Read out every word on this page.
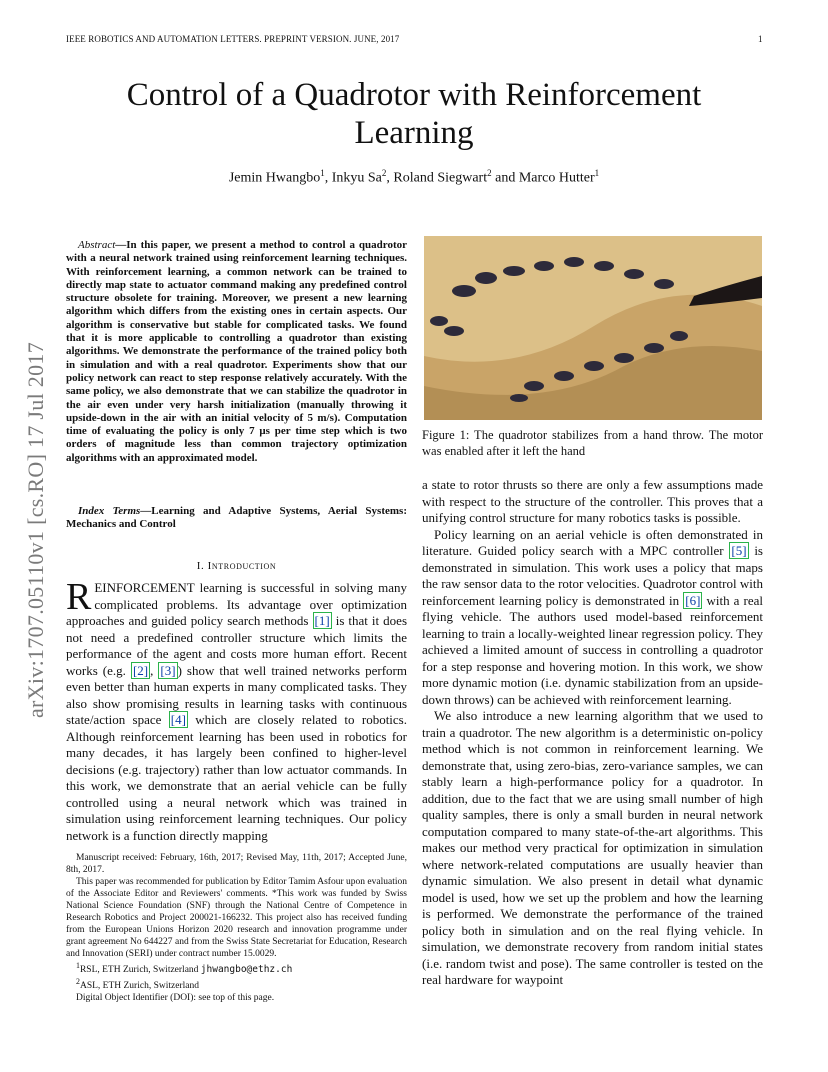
IEEE ROBOTICS AND AUTOMATION LETTERS. PREPRINT VERSION. JUNE, 2017	1
Control of a Quadrotor with Reinforcement Learning
Jemin Hwangbo$^1$, Inkyu Sa$^2$, Roland Siegwart$^2$ and Marco Hutter$^1$
arXiv:1707.05110v1 [cs.RO] 17 Jul 2017
Abstract—In this paper, we present a method to control a quadrotor with a neural network trained using reinforcement learning techniques. With reinforcement learning, a common network can be trained to directly map state to actuator command making any predefined control structure obsolete for training. Moreover, we present a new learning algorithm which differs from the existing ones in certain aspects. Our algorithm is conservative but stable for complicated tasks. We found that it is more applicable to controlling a quadrotor than existing algorithms. We demonstrate the performance of the trained policy both in simulation and with a real quadrotor. Experiments show that our policy network can react to step response relatively accurately. With the same policy, we also demonstrate that we can stabilize the quadrotor in the air even under very harsh initialization (manually throwing it upside-down in the air with an initial velocity of 5 m/s). Computation time of evaluating the policy is only 7 μs per time step which is two orders of magnitude less than common trajectory optimization algorithms with an approximated model.
Index Terms—Learning and Adaptive Systems, Aerial Systems: Mechanics and Control
I. Introduction
REINFORCEMENT learning is successful in solving many complicated problems. Its advantage over optimization approaches and guided policy search methods [1] is that it does not need a predefined controller structure which limits the performance of the agent and costs more human effort. Recent works (e.g. [2] , [3] ) show that well trained networks perform even better than human experts in many complicated tasks. They also show promising results in learning tasks with continuous state/action space [4] which are closely related to robotics. Although reinforcement learning has been used in robotics for many decades, it has largely been confined to higher-level decisions (e.g. trajectory) rather than low actuator commands. In this work, we demonstrate that an aerial vehicle can be fully controlled using a neural network which was trained in simulation using reinforcement learning techniques. Our policy network is a function directly mapping

Manuscript received: February, 16th, 2017; Revised May, 11th, 2017; Accepted June, 8th, 2017.

This paper was recommended for publication by Editor Tamim Asfour upon evaluation of the Associate Editor and Reviewers' comments. *This work was funded by Swiss National Science Foundation (SNF) through the National Centre of Competence in Research Robotics and Project 200021-166232. This project also has received funding from the European Unions Horizon 2020 research and innovation programme under grant agreement No 644227 and from the Swiss State Secretariat for Education, Research and Innovation (SERI) under contract number 15.0029.

$^1$RSL, ETH Zurich, Switzerland jhwangbo@ethz.ch

$^2$ASL, ETH Zurich, Switzerland

Digital Object Identifier (DOI): see top of this page.

Figure 1: The quadrotor stabilizes from a hand throw. The motor was enabled after it left the hand

a state to rotor thrusts so there are only a few assumptions made with respect to the structure of the controller. This proves that a unifying control structure for many robotics tasks is possible.

Policy learning on an aerial vehicle is often demonstrated in literature. Guided policy search with a MPC controller [5] is demonstrated in simulation. This work uses a policy that maps the raw sensor data to the rotor velocities. Quadrotor control with reinforcement learning policy is demonstrated in [6] with a real flying vehicle. The authors used model-based reinforcement learning to train a locally-weighted linear regression policy. They achieved a limited amount of success in controlling a quadrotor for a step response and hovering motion. In this work, we show more dynamic motion (i.e. dynamic stabilization from an upside-down throws) can be achieved with reinforcement learning.

We also introduce a new learning algorithm that we used to train a quadrotor. The new algorithm is a deterministic on-policy method which is not common in reinforcement learning. We demonstrate that, using zero-bias, zero-variance samples, we can stably learn a high-performance policy for a quadrotor. In addition, due to the fact that we are using small number of high quality samples, there is only a small burden in neural network computation compared to many state-of-the-art algorithms. This makes our method very practical for optimization in simulation where network-related computations are usually heavier than dynamic simulation. We also present in detail what dynamic model is used, how we set up the problem and how the learning is performed. We demonstrate the performance of the trained policy both in simulation and on the real flying vehicle. In simulation, we demonstrate recovery from random initial states (i.e. random twist and pose). The same controller is tested on the real hardware for waypoint
